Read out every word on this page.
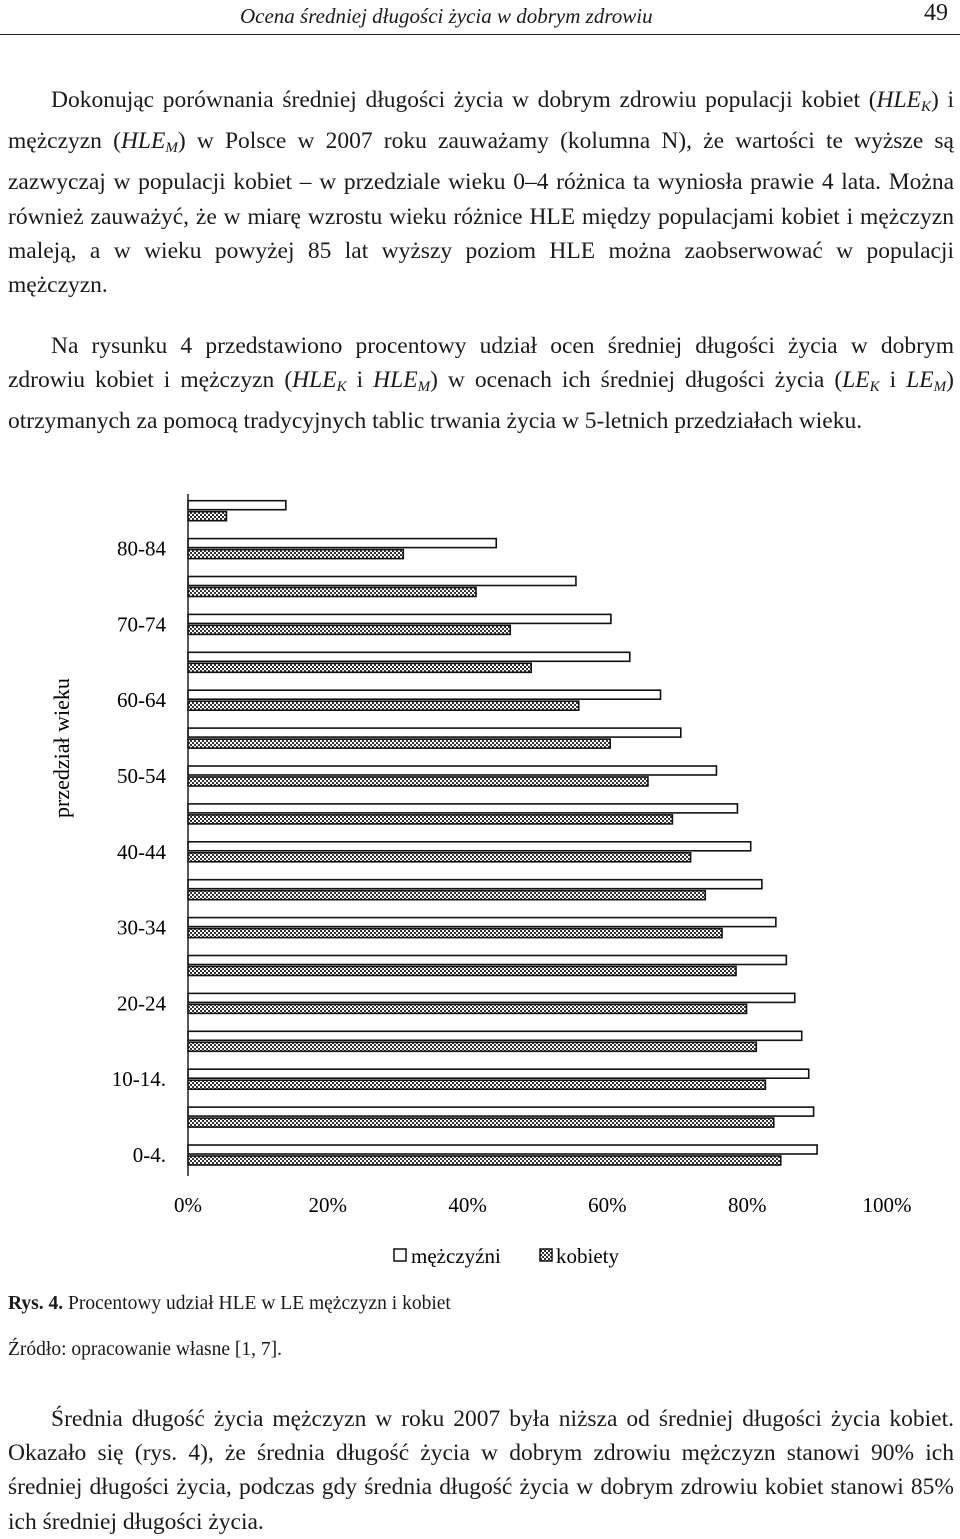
Ocena średniej długości życia w dobrym zdrowiu	49

Dokonując porównania średniej długości życia w dobrym zdrowiu populacji kobiet $(HLE_K)$ i mężczyzn $(HLE_M)$ w Polsce w 2007 roku zauważamy (kolumna N), że wartości te wyższe są zazwyczaj w populacji kobiet – w przedziale wieku 0–4 różnica ta wyniosła prawie 4 lata. Można również zauważyć, że w miarę wzrostu wieku różnice HLE między populacjami kobiet i mężczyzn maleją, a w wieku powyżej 85 lat wyższy poziom HLE można zaobserwować w populacji mężczyzn.

Na rysunku 4 przedstawiono procentowy udział ocen średniej długości życia w dobrym zdrowiu kobiet i mężczyzn ($HLE_K$ i $HLE_M$) w ocenach ich średniej długości życia ($LE_K$ i $LE_M$) otrzymanych za pomocą tradycyjnych tablic trwania życia w 5-letnich przedziałach wieku.

0-4.
10-14.
20-24
30-34
40-44
50-54
60-64
70-74
80-84
0%	20%	40%	60%	80%	100%
przedział wieku
mężczyźni	kobiety
Rys. 4. Procentowy udział HLE w LE mężczyzn i kobiet
Źródło: opracowanie własne [1, 7].

Średnia długość życia mężczyzn w roku 2007 była niższa od średniej długości życia kobiet. Okazało się (rys. 4), że średnia długość życia w dobrym zdrowiu mężczyzn stanowi 90% ich średniej długości życia, podczas gdy średnia długość życia w dobrym zdrowiu kobiet stanowi 85% ich średniej długości życia.
